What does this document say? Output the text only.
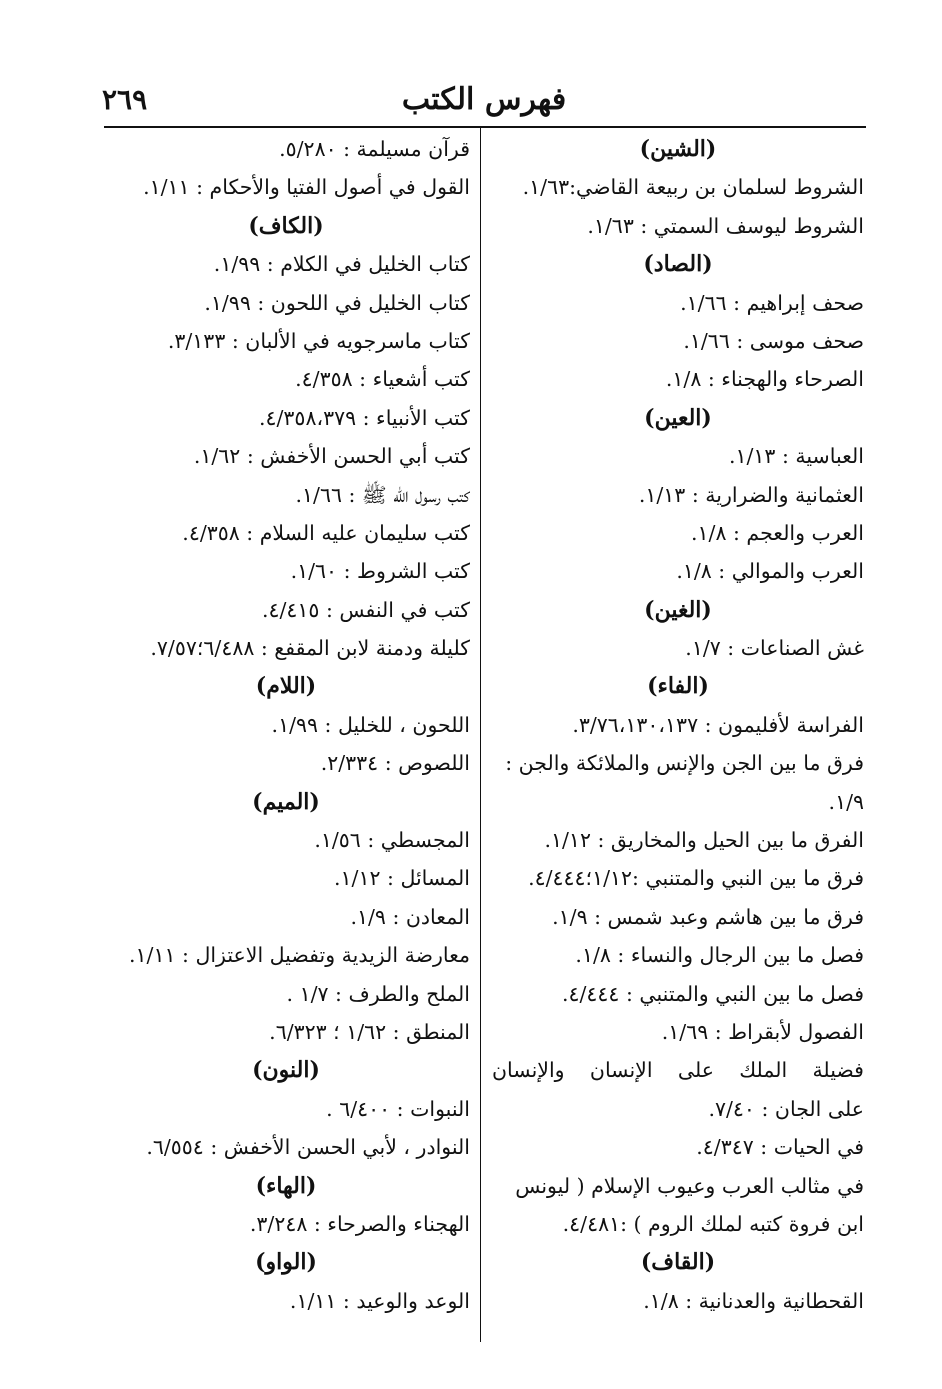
فهرس الكتب
٢٦٩
(الشين)
الشروط لسلمان بن ربيعة القاضي:١/٦٣.
الشروط ليوسف السمتي : ١/٦٣.
(الصاد)
صحف إبراهيم : ١/٦٦.
صحف موسى : ١/٦٦.
الصرحاء والهجناء : ١/٨.
(العين)
العباسية : ١/١٣.
العثمانية والضرارية : ١/١٣.
العرب والعجم : ١/٨.
العرب والموالي : ١/٨.
(الغين)
غش الصناعات : ١/٧.
(الفاء)
الفراسة لأفليمون : ٣/٧٦،١٣٠،١٣٧.
فرق ما بين الجن والإنس والملائكة والجن :
١/٩.
الفرق ما بين الحيل والمخاريق : ١/١٢.
فرق ما بين النبي والمتنبي :١/١٢؛٤/٤٤٤.
فرق ما بين هاشم وعبد شمس : ١/٩.
فصل ما بين الرجال والنساء : ١/٨.
فصل ما بين النبي والمتنبي : ٤/٤٤٤.
الفصول لأبقراط : ١/٦٩.
فضيلة الملك على الإنسان والإنسان
على الجان : ٧/٤٠.
في الحيات : ٤/٣٤٧.
في مثالب العرب وعيوب الإسلام ( ليونس
ابن فروة كتبه لملك الروم ) :٤/٤٨١.
(القاف)
القحطانية والعدنانية : ١/٨.
قرآن مسيلمة : ٥/٢٨٠.
القول في أصول الفتيا والأحكام : ١/١١.
(الكاف)
كتاب الخليل في الكلام : ١/٩٩.
كتاب الخليل في اللحون : ١/٩٩.
كتاب ماسرجويه في الألبان : ٣/١٣٣.
كتب أشعياء : ٤/٣٥٨.
كتب الأنبياء : ٤/٣٥٨،٣٧٩.
كتب أبي الحسن الأخفش : ١/٦٢.
كتب رسول الله ﷺ : ١/٦٦.
كتب سليمان عليه السلام : ٤/٣٥٨.
كتب الشروط : ١/٦٠.
كتب في النفس : ٤/٤١٥.
كليلة ودمنة لابن المقفع : ٦/٤٨٨؛٧/٥٧.
(اللام)
اللحون ، للخليل : ١/٩٩.
اللصوص : ٢/٣٣٤.
(الميم)
المجسطي : ١/٥٦.
المسائل : ١/١٢.
المعادن : ١/٩.
معارضة الزيدية وتفضيل الاعتزال : ١/١١.
الملح والطرف : ١/٧ .
المنطق : ١/٦٢ ؛ ٦/٣٢٣.
(النون)
النبوات : ٦/٤٠٠ .
النوادر ، لأبي الحسن الأخفش : ٦/٥٥٤.
(الهاء)
الهجناء والصرحاء : ٣/٢٤٨.
(الواو)
الوعد والوعيد : ١/١١.
